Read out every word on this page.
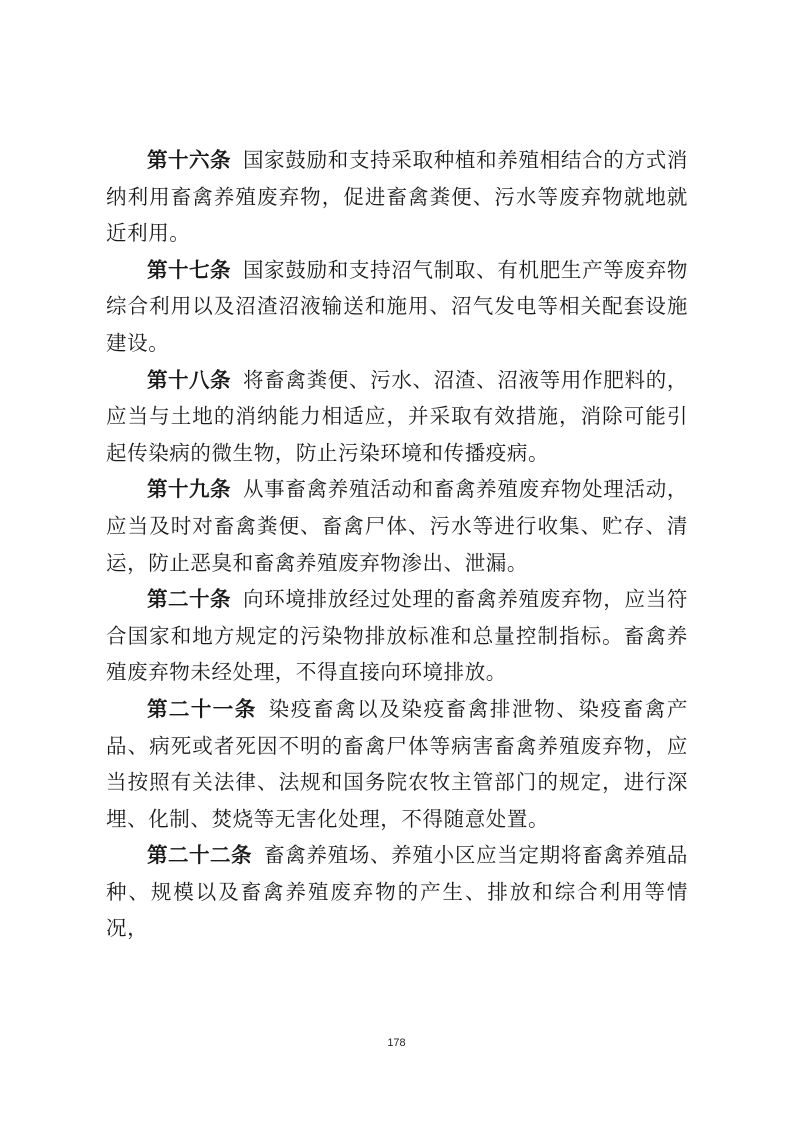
第十六条 国家鼓励和支持采取种植和养殖相结合的方式消纳利用畜禽养殖废弃物，促进畜禽粪便、污水等废弃物就地就近利用。

第十七条 国家鼓励和支持沼气制取、有机肥生产等废弃物综合利用以及沼渣沼液输送和施用、沼气发电等相关配套设施建设。

第十八条 将畜禽粪便、污水、沼渣、沼液等用作肥料的，应当与土地的消纳能力相适应，并采取有效措施，消除可能引起传染病的微生物，防止污染环境和传播疫病。

第十九条 从事畜禽养殖活动和畜禽养殖废弃物处理活动，应当及时对畜禽粪便、畜禽尸体、污水等进行收集、贮存、清运，防止恶臭和畜禽养殖废弃物渗出、泄漏。

第二十条 向环境排放经过处理的畜禽养殖废弃物，应当符合国家和地方规定的污染物排放标准和总量控制指标。畜禽养殖废弃物未经处理，不得直接向环境排放。

第二十一条 染疫畜禽以及染疫畜禽排泄物、染疫畜禽产品、病死或者死因不明的畜禽尸体等病害畜禽养殖废弃物，应当按照有关法律、法规和国务院农牧主管部门的规定，进行深埋、化制、焚烧等无害化处理，不得随意处置。

第二十二条 畜禽养殖场、养殖小区应当定期将畜禽养殖品种、规模以及畜禽养殖废弃物的产生、排放和综合利用等情况，

178
